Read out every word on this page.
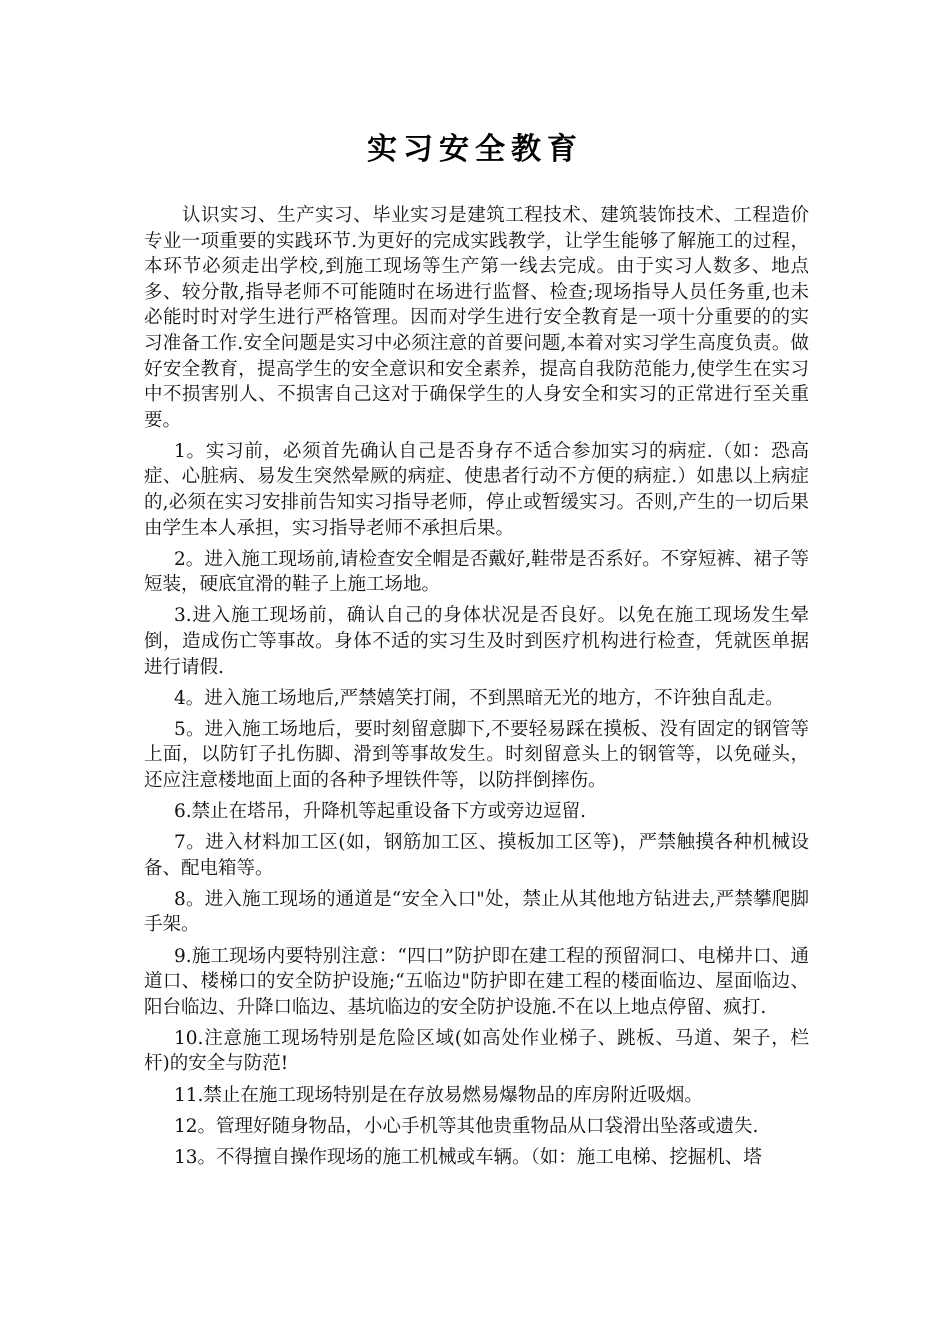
实习安全教育

认识实习、生产实习、毕业实习是建筑工程技术、建筑装饰技术、工程造价专业一项重要的实践环节.为更好的完成实践教学，让学生能够了解施工的过程，本环节必须走出学校,到施工现场等生产第一线去完成。由于实习人数多、地点多、较分散,指导老师不可能随时在场进行监督、检查;现场指导人员任务重,也未必能时时对学生进行严格管理。因而对学生进行安全教育是一项十分重要的的实习准备工作.安全问题是实习中必须注意的首要问题,本着对实习学生高度负责。做好安全教育，提高学生的安全意识和安全素养，提高自我防范能力,使学生在实习中不损害别人、不损害自己这对于确保学生的人身安全和实习的正常进行至关重要。

1。实习前，必须首先确认自己是否身存不适合参加实习的病症.（如：恐高症、心脏病、易发生突然晕厥的病症、使患者行动不方便的病症.）如患以上病症的,必须在实习安排前告知实习指导老师，停止或暂缓实习。否则,产生的一切后果由学生本人承担，实习指导老师不承担后果。

2。进入施工现场前,请检查安全帽是否戴好,鞋带是否系好。不穿短裤、裙子等短装，硬底宜滑的鞋子上施工场地。

3.进入施工现场前，确认自己的身体状况是否良好。以免在施工现场发生晕倒，造成伤亡等事故。身体不适的实习生及时到医疗机构进行检查，凭就医单据进行请假.

4。进入施工场地后,严禁嬉笑打闹，不到黑暗无光的地方，不许独自乱走。

5。进入施工场地后，要时刻留意脚下,不要轻易踩在摸板、没有固定的钢管等上面，以防钉子扎伤脚、滑到等事故发生。时刻留意头上的钢管等，以免碰头，还应注意楼地面上面的各种予埋铁件等，以防拌倒摔伤。

6.禁止在塔吊，升降机等起重设备下方或旁边逗留.

7。进入材料加工区(如，钢筋加工区、摸板加工区等)，严禁触摸各种机械设备、配电箱等。

8。进入施工现场的通道是“安全入口"处，禁止从其他地方钻进去,严禁攀爬脚手架。

9.施工现场内要特别注意：“四口”防护即在建工程的预留洞口、电梯井口、通道口、楼梯口的安全防护设施;“五临边"防护即在建工程的楼面临边、屋面临边、阳台临边、升降口临边、基坑临边的安全防护设施.不在以上地点停留、疯打.

10.注意施工现场特别是危险区域(如高处作业梯子、跳板、马道、架子，栏杆)的安全与防范!

11.禁止在施工现场特别是在存放易燃易爆物品的库房附近吸烟。

12。管理好随身物品，小心手机等其他贵重物品从口袋滑出坠落或遗失.

13。不得擅自操作现场的施工机械或车辆。（如：施工电梯、挖掘机、塔
